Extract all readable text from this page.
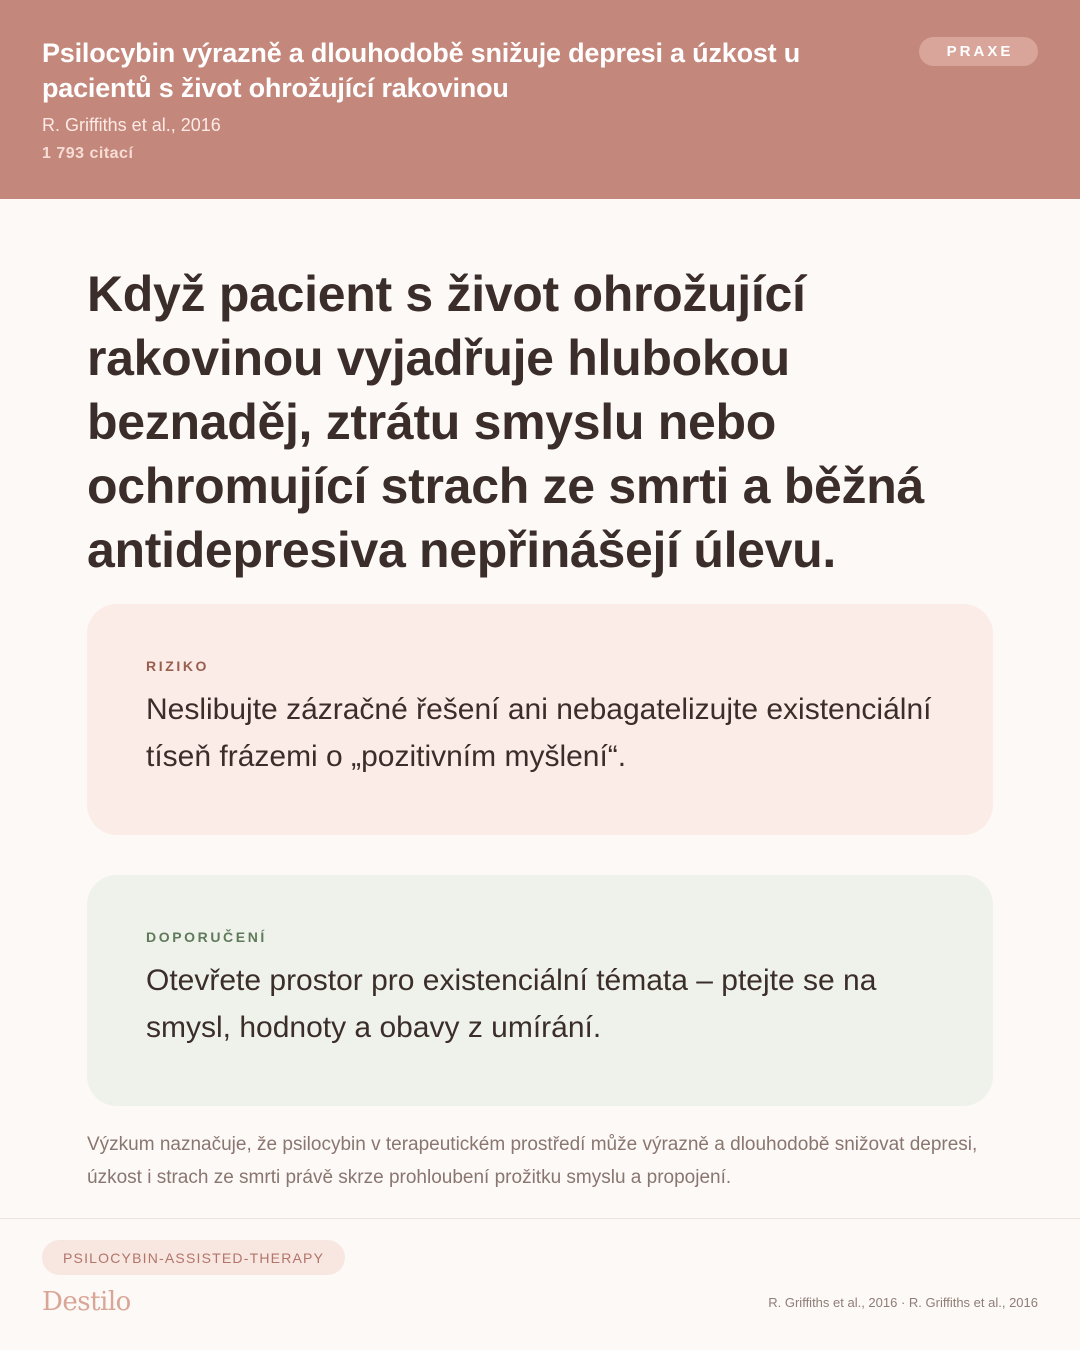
Psilocybin výrazně a dlouhodobě snižuje depresi a úzkost u pacientů s život ohrožující rakovinou
R. Griffiths et al., 2016
1 793 citací
PRAXE
Když pacient s život ohrožující rakovinou vyjadřuje hlubokou beznaděj, ztrátu smyslu nebo ochromující strach ze smrti a běžná antidepresiva nepřinášejí úlevu.
RIZIKO
Neslibujte zázračné řešení ani nebagatelizujte existenciální tíseň frázemi o „pozitivním myšlení“.
DOPORUČENÍ
Otevřete prostor pro existenciální témata – ptejte se na smysl, hodnoty a obavy z umírání.
Výzkum naznačuje, že psilocybin v terapeutickém prostředí může výrazně a dlouhodobě snižovat depresi, úzkost i strach ze smrti právě skrze prohloubení prožitku smyslu a propojení.
PSILOCYBIN-ASSISTED-THERAPY
Destilo	R. Griffiths et al., 2016 · R. Griffiths et al., 2016
